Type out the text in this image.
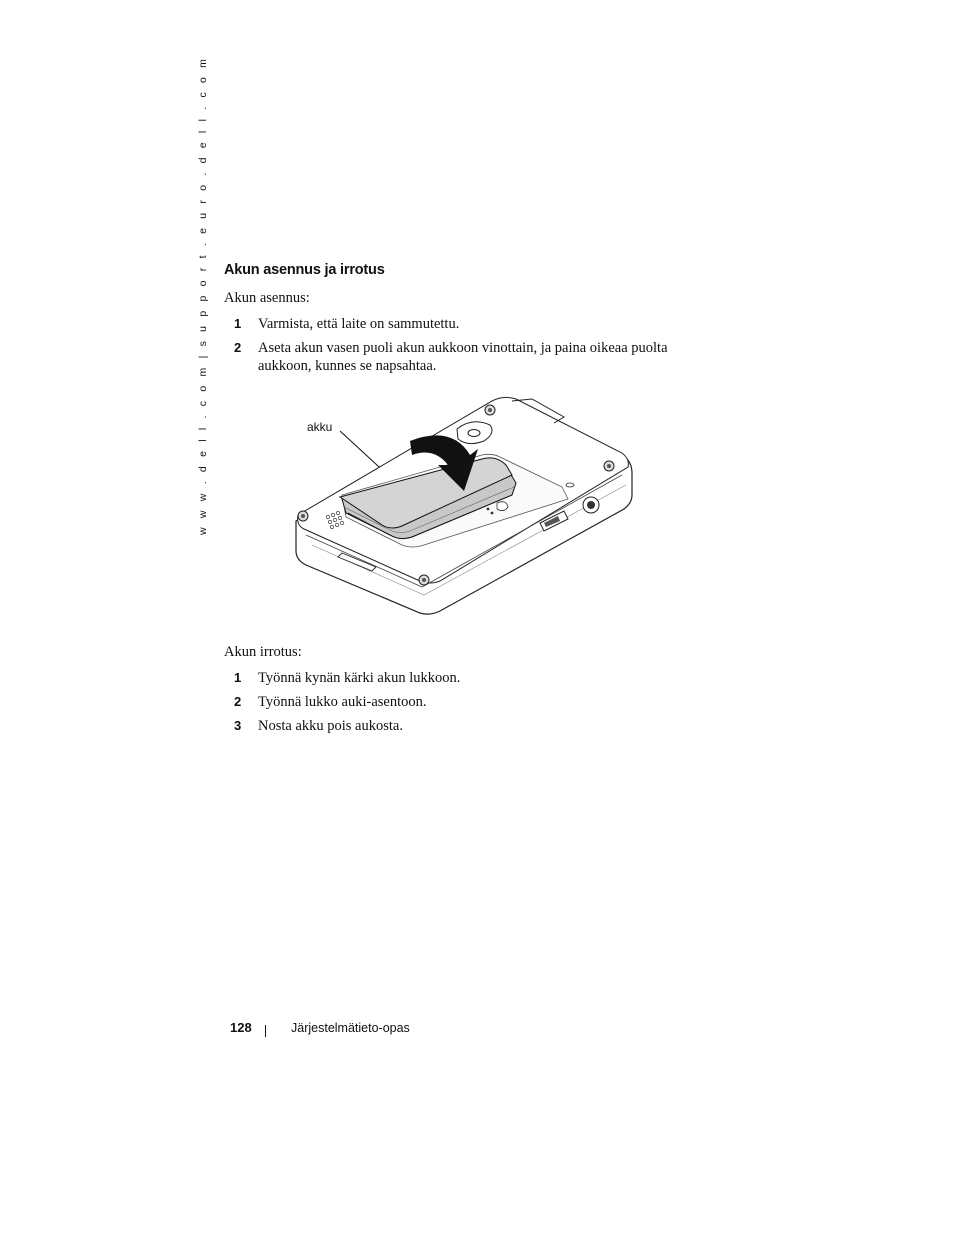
w w w . d e l l . c o m | s u p p o r t . e u r o . d e l l . c o m Akun asennus ja irrotus

Akun asennus:

1 Varmista, että laite on sammutettu.
2 Aseta akun vasen puoli akun aukkoon vinottain, ja paina oikeaa puolta aukkoon, kunnes se napsahtaa.
akku

Akun irrotus:

1 Työnnä kynän kärki akun lukkoon.
2 Työnnä lukko auki-asentoon.
3 Nosta akku pois aukosta.
128	Järjestelmätieto-opas
